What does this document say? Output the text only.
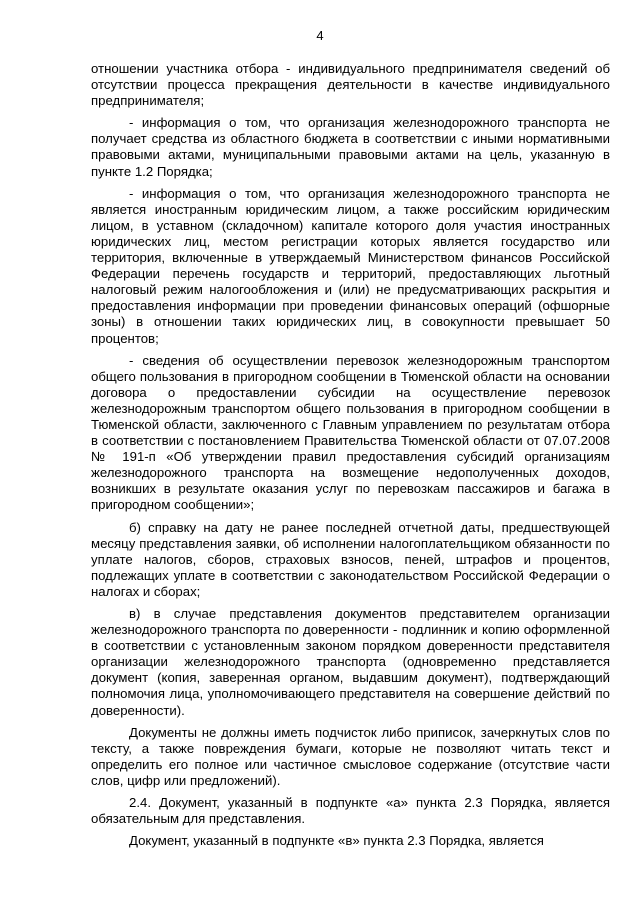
4

отношении участника отбора - индивидуального предпринимателя сведений об отсутствии процесса прекращения деятельности в качестве индивидуального предпринимателя;

- информация о том, что организация железнодорожного транспорта не получает средства из областного бюджета в соответствии с иными нормативными правовыми актами, муниципальными правовыми актами на цель, указанную в пункте 1.2 Порядка;

- информация о том, что организация железнодорожного транспорта не является иностранным юридическим лицом, а также российским юридическим лицом, в уставном (складочном) капитале которого доля участия иностранных юридических лиц, местом регистрации которых является государство или территория, включенные в утверждаемый Министерством финансов Российской Федерации перечень государств и территорий, предоставляющих льготный налоговый режим налогообложения и (или) не предусматривающих раскрытия и предоставления информации при проведении финансовых операций (офшорные зоны) в отношении таких юридических лиц, в совокупности превышает 50 процентов;

- сведения об осуществлении перевозок железнодорожным транспортом общего пользования в пригородном сообщении в Тюменской области на основании договора о предоставлении субсидии на осуществление перевозок железнодорожным транспортом общего пользования в пригородном сообщении в Тюменской области, заключенного с Главным управлением по результатам отбора в соответствии с постановлением Правительства Тюменской области от 07.07.2008 № 191-п «Об утверждении правил предоставления субсидий организациям железнодорожного транспорта на возмещение недополученных доходов, возникших в результате оказания услуг по перевозкам пассажиров и багажа в пригородном сообщении»;

б) справку на дату не ранее последней отчетной даты, предшествующей месяцу представления заявки, об исполнении налогоплательщиком обязанности по уплате налогов, сборов, страховых взносов, пеней, штрафов и процентов, подлежащих уплате в соответствии с законодательством Российской Федерации о налогах и сборах;

в) в случае представления документов представителем организации железнодорожного транспорта по доверенности - подлинник и копию оформленной в соответствии с установленным законом порядком доверенности представителя организации железнодорожного транспорта (одновременно представляется документ (копия, заверенная органом, выдавшим документ), подтверждающий полномочия лица, уполномочивающего представителя на совершение действий по доверенности).

Документы не должны иметь подчисток либо приписок, зачеркнутых слов по тексту, а также повреждения бумаги, которые не позволяют читать текст и определить его полное или частичное смысловое содержание (отсутствие части слов, цифр или предложений).

2.4. Документ, указанный в подпункте «а» пункта 2.3 Порядка, является обязательным для представления.

Документ, указанный в подпункте «в» пункта 2.3 Порядка, является
